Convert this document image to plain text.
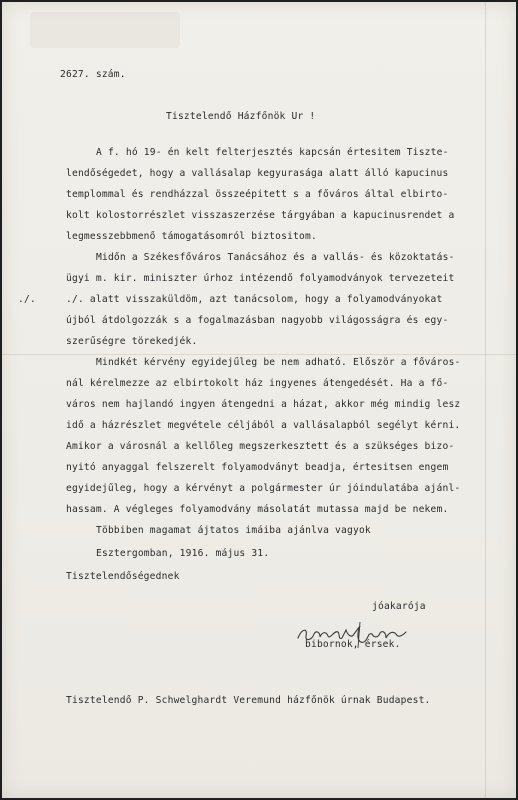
2627. szám.

Tisztelendő Házfőnök Ur !

A f. hó 19- én kelt felterjesztés kapcsán értesitem Tiszte-

lendőségedet, hogy a vallásalap kegyurasága alatt álló kapucinus

templommal és rendházzal összeépitett s a főváros által elbirto-

kolt kolostorrészlet visszaszerzése tárgyában a kapucinusrendet a

legmesszebbmenő támogatásomról biztositom.

Midőn a Székesfőváros Tanácsához és a vallás- és közoktatás-

ügyi m. kir. miniszter úrhoz intézendő folyamodványok tervezeteit

./.	./. alatt visszaküldöm, azt tanácsolom, hogy a folyamodványokat

újból átdolgozzák s a fogalmazásban nagyobb világosságra és egy-

szerűségre törekedjék.

Mindkét kérvény egyidejűleg be nem adható. Először a főváros-

nál kérelmezze az elbirtokolt ház ingyenes átengedését. Ha a fő-

város nem hajlandó ingyen átengedni a házat, akkor még mindig lesz

idő a házrészlet megvétele céljából a vallásalapból segélyt kérni.

Amikor a városnál a kellőleg megszerkesztett és a szükséges bizo-

nyitó anyaggal felszerelt folyamodványt beadja, értesitsen engem

egyidejűleg, hogy a kérvényt a polgármester úr jóindulatába ajánl-

hassam. A végleges folyamodvány másolatát mutassa majd be nekem.

Többiben magamat ájtatos imáiba ajánlva vagyok

Esztergomban, 1916. május 31.

Tisztelendőségednek

jóakarója

bibornok, érsek.

Tisztelendő P. Schwelghardt Veremund házfőnök úrnak Budapest.
